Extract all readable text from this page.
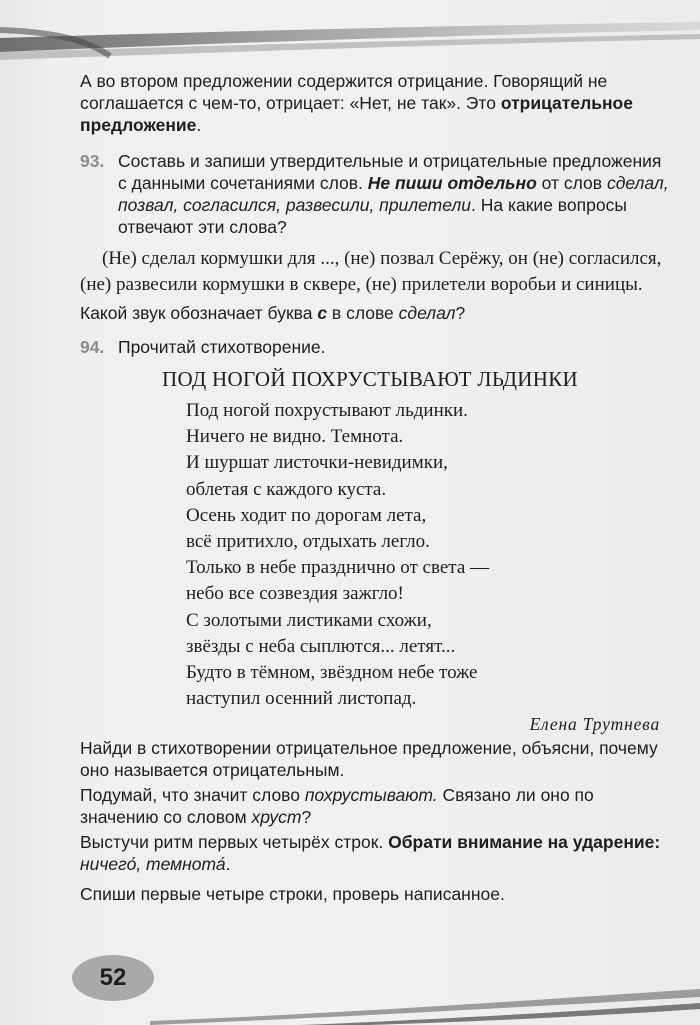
А во втором предложении содержится отрицание. Говорящий не соглашается с чем-то, отрицает: «Нет, не так». Это отрицательное предложение.

93. Составь и запиши утвердительные и отрицательные предложения с данными сочетаниями слов. Не пиши отдельно от слов сделал, позвал, согласился, развесили, прилетели. На какие вопросы отвечают эти слова?

(Не) сделал кормушки для ..., (не) позвал Серёжу, он (не) согласился, (не) развесили кормушки в сквере, (не) прилетели воробьи и синицы.

Какой звук обозначает буква с в слове сделал?

94. Прочитай стихотворение.

ПОД НОГОЙ ПОХРУСТЫВАЮТ ЛЬДИНКИ

Под ногой похрустывают льдинки.

Ничего не видно. Темнота.

И шуршат листочки-невидимки,

облетая с каждого куста.

Осень ходит по дорогам лета,

всё притихло, отдыхать легло.

Только в небе празднично от света —

небо все созвездия зажгло!

С золотыми листиками схожи,

звёзды с неба сыплются... летят...

Будто в тёмном, звёздном небе тоже

наступил осенний листопад.

Елена Трутнева

Найди в стихотворении отрицательное предложение, объясни, почему оно называется отрицательным.

Подумай, что значит слово похрустывают. Связано ли оно по значению со словом хруст?

Выстучи ритм первых четырёх строк. Обрати внимание на ударение: ничего́, темнота́.

Спиши первые четыре строки, проверь написанное.

52
